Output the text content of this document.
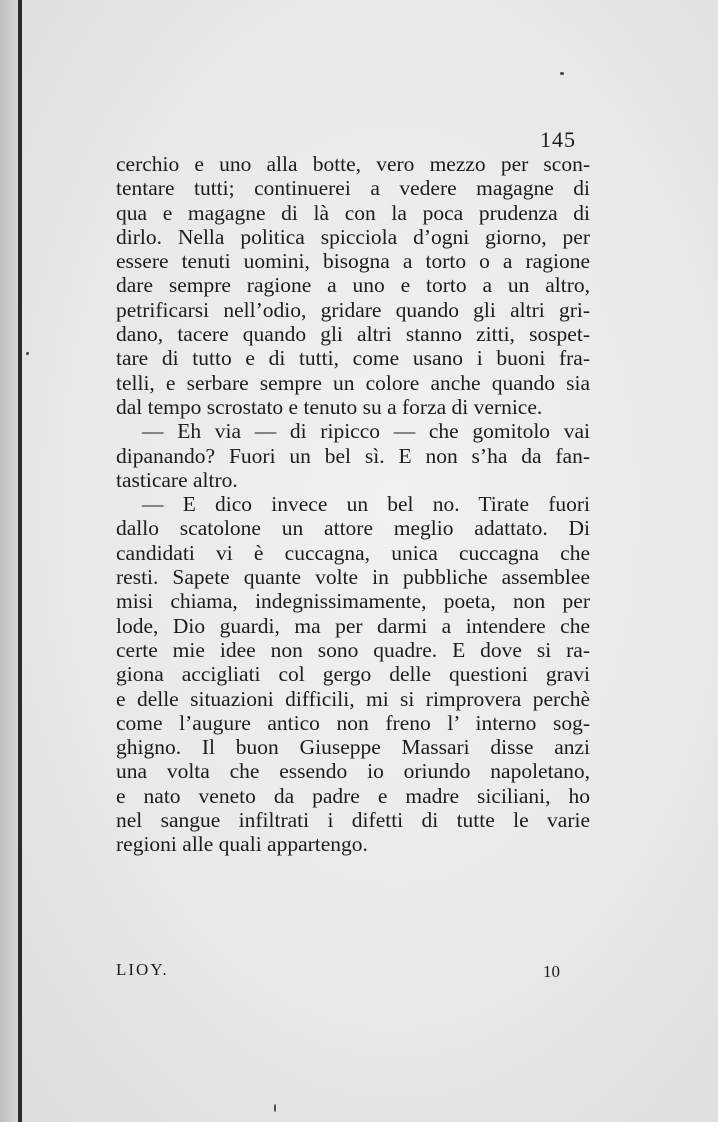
145
cerchio e uno alla botte, vero mezzo per scon-
tentare tutti; continuerei a vedere magagne di
qua e magagne di là con la poca prudenza di
dirlo. Nella politica spicciola d’ogni giorno, per
essere tenuti uomini, bisogna a torto o a ragione
dare sempre ragione a uno e torto a un altro,
petrificarsi nell’odio, gridare quando gli altri gri-
dano, tacere quando gli altri stanno zitti, sospet-
tare di tutto e di tutti, come usano i buoni fra-
telli, e serbare sempre un colore anche quando sia
dal tempo scrostato e tenuto su a forza di vernice.
— Eh via — di ripicco — che gomitolo vai
dipanando? Fuori un bel sì. E non s’ha da fan-
tasticare altro.
— E dico invece un bel no. Tirate fuori
dallo scatolone un attore meglio adattato. Di
candidati vi è cuccagna, unica cuccagna che
resti. Sapete quante volte in pubbliche assemblee
misi chiama, indegnissimamente, poeta, non per
lode, Dio guardi, ma per darmi a intendere che
certe mie idee non sono quadre. E dove si ra-
giona accigliati col gergo delle questioni gravi
e delle situazioni difficili, mi si rimprovera perchè
come l’augure antico non freno l’ interno sog-
ghigno. Il buon Giuseppe Massari disse anzi
una volta che essendo io oriundo napoletano,
e nato veneto da padre e madre siciliani, ho
nel sangue infiltrati i difetti di tutte le varie
regioni alle quali appartengo.
LIOY.	10
